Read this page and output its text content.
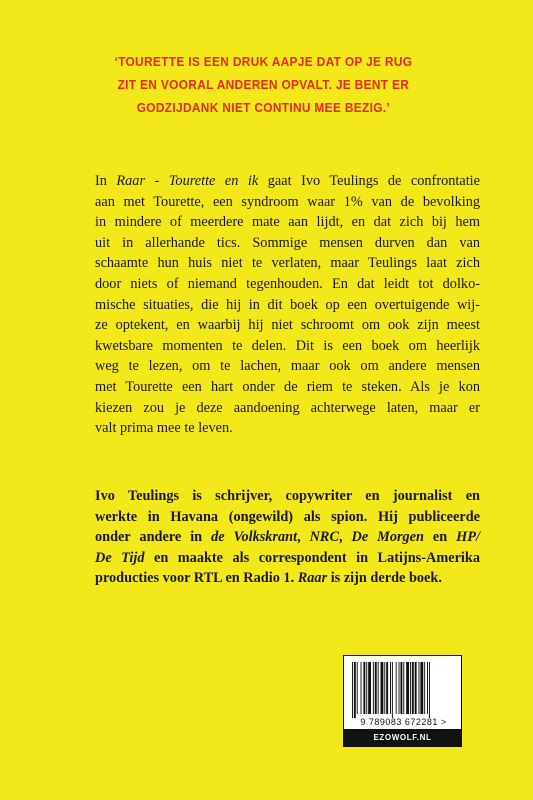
‘TOURETTE IS EEN DRUK AAPJE DAT OP JE RUG
ZIT EN VOORAL ANDEREN OPVALT. JE BENT ER
GODZIJDANK NIET CONTINU MEE BEZIG.’
In Raar - Tourette en ik gaat Ivo Teulings de confrontatie
aan met Tourette, een syndroom waar 1% van de bevolking
in mindere of meerdere mate aan lijdt, en dat zich bij hem
uit in allerhande tics. Sommige mensen durven dan van
schaamte hun huis niet te verlaten, maar Teulings laat zich
door niets of niemand tegenhouden. En dat leidt tot dolko-
mische situaties, die hij in dit boek op een overtuigende wij-
ze optekent, en waarbij hij niet schroomt om ook zijn meest
kwetsbare momenten te delen. Dit is een boek om heerlijk
weg te lezen, om te lachen, maar ook om andere mensen
met Tourette een hart onder de riem te steken. Als je kon
kiezen zou je deze aandoening achterwege laten, maar er
valt prima mee te leven.
Ivo Teulings is schrijver, copywriter en journalist en
werkte in Havana (ongewild) als spion. Hij publiceerde
onder andere in de Volkskrant, NRC, De Morgen en HP/
De Tijd en maakte als correspondent in Latijns-Amerika
producties voor RTL en Radio 1. Raar is zijn derde boek.
9 789083 672281 >
EZOWOLF.NL
